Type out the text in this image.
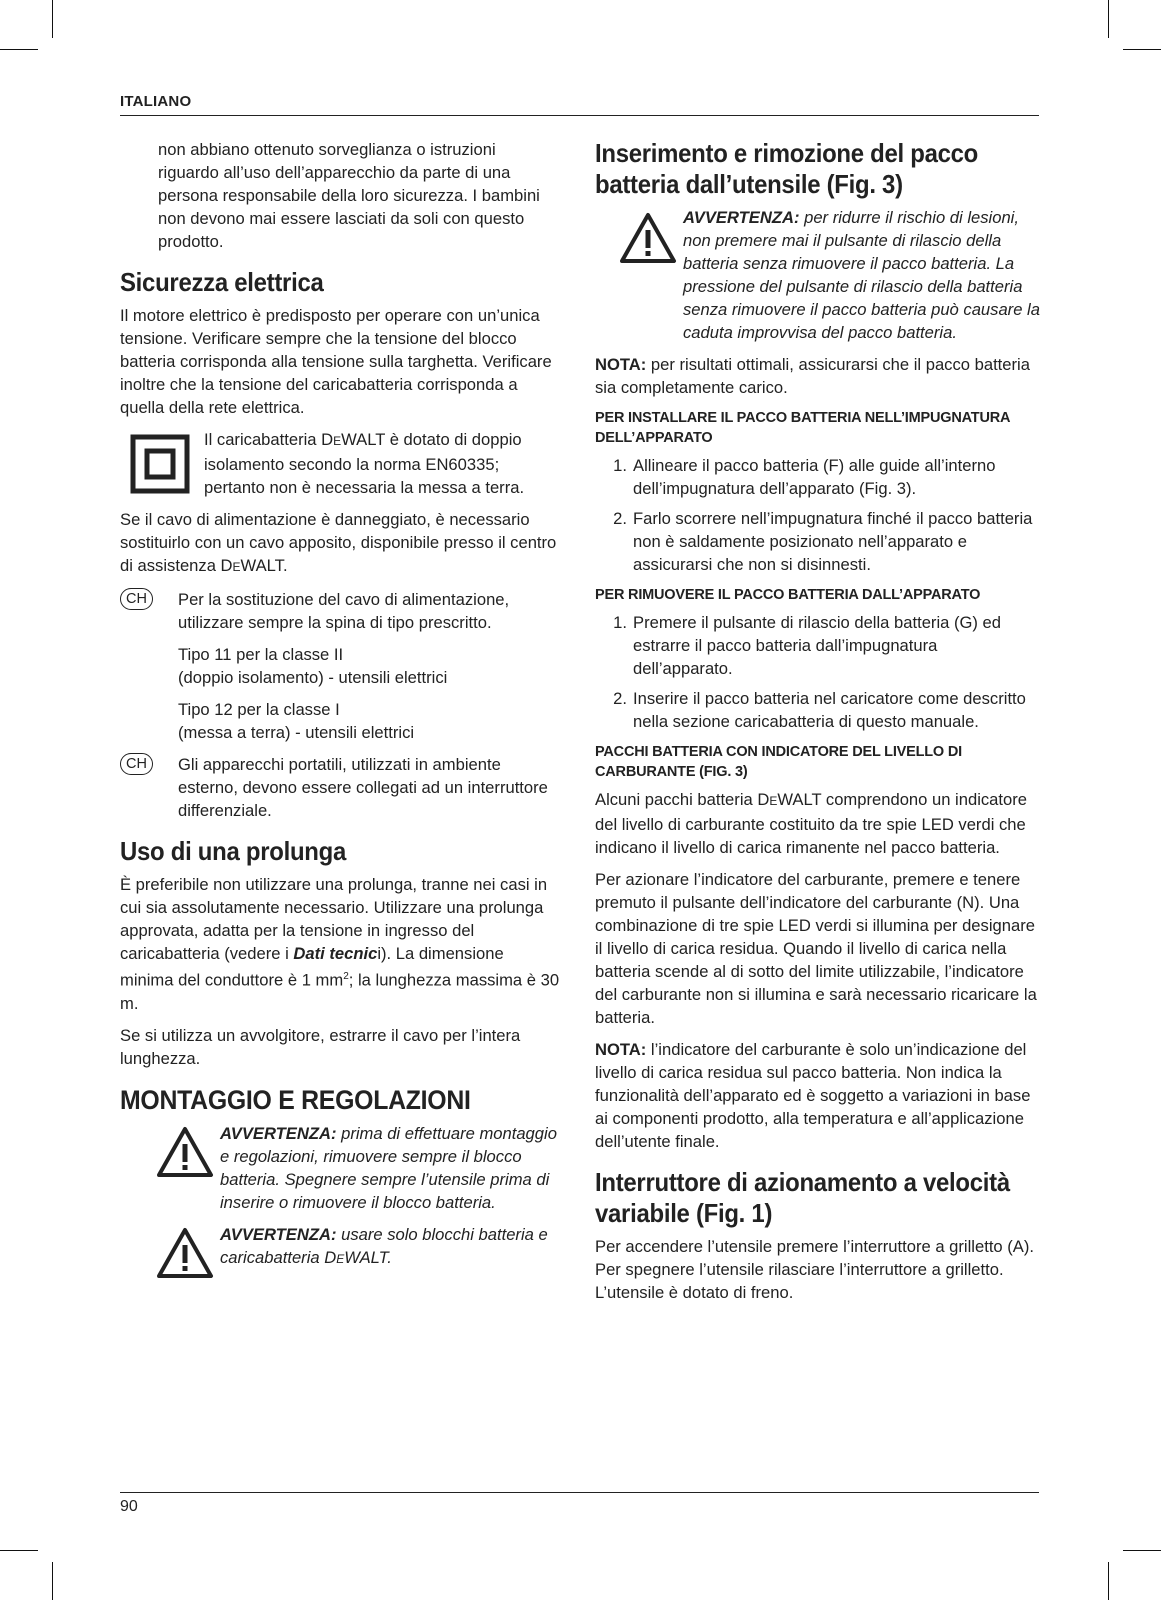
ITALIANO

non abbiano ottenuto sorveglianza o istruzioni riguardo all’uso dell’apparecchio da parte di una persona responsabile della loro sicurezza. I bambini non devono mai essere lasciati da soli con questo prodotto.

Sicurezza elettrica

Il motore elettrico è predisposto per operare con un’unica tensione. Verificare sempre che la tensione del blocco batteria corrisponda alla tensione sulla targhetta. Verificare inoltre che la tensione del caricabatteria corrisponda a quella della rete elettrica.

Il caricabatteria DEWALT è dotato di doppio isolamento secondo la norma EN60335; pertanto non è necessaria la messa a terra.

Se il cavo di alimentazione è danneggiato, è necessario sostituirlo con un cavo apposito, disponibile presso il centro di assistenza DEWALT.

CH	Per la sostituzione del cavo di alimentazione, utilizzare sempre la spina di tipo prescritto.

Tipo 11 per la classe II
(doppio isolamento) - utensili elettrici

Tipo 12 per la classe I
(messa a terra) - utensili elettrici

CH	Gli apparecchi portatili, utilizzati in ambiente esterno, devono essere collegati ad un interruttore differenziale.

Uso di una prolunga

È preferibile non utilizzare una prolunga, tranne nei casi in cui sia assolutamente necessario. Utilizzare una prolunga approvata, adatta per la tensione in ingresso del caricabatteria (vedere i Dati tecnici). La dimensione minima del conduttore è 1 $mm^2$; la lunghezza massima è 30 m.

Se si utilizza un avvolgitore, estrarre il cavo per l’intera lunghezza.

MONTAGGIO E REGOLAZIONI

AVVERTENZA: prima di effettuare montaggio e regolazioni, rimuovere sempre il blocco batteria. Spegnere sempre l’utensile prima di inserire o rimuovere il blocco batteria.

AVVERTENZA: usare solo blocchi batteria e caricabatteria DEWALT.

Inserimento e rimozione del pacco batteria dall’utensile (Fig. 3)

AVVERTENZA: per ridurre il rischio di lesioni, non premere mai il pulsante di rilascio della batteria senza rimuovere il pacco batteria. La pressione del pulsante di rilascio della batteria senza rimuovere il pacco batteria può causare la caduta improvvisa del pacco batteria.

NOTA: per risultati ottimali, assicurarsi che il pacco batteria sia completamente carico.

PER INSTALLARE IL PACCO BATTERIA NELL’IMPUGNATURA DELL’APPARATO
1. Allineare il pacco batteria (F) alle guide all’interno dell’impugnatura dell’apparato (Fig. 3).
2. Farlo scorrere nell’impugnatura finché il pacco batteria non è saldamente posizionato nell’apparato e assicurarsi che non si disinnesti.
PER RIMUOVERE IL PACCO BATTERIA DALL’APPARATO
1. Premere il pulsante di rilascio della batteria (G) ed estrarre il pacco batteria dall’impugnatura dell’apparato.
2. Inserire il pacco batteria nel caricatore come descritto nella sezione caricabatteria di questo manuale.
PACCHI BATTERIA CON INDICATORE DEL LIVELLO DI CARBURANTE (FIG. 3)

Alcuni pacchi batteria DEWALT comprendono un indicatore del livello di carburante costituito da tre spie LED verdi che indicano il livello di carica rimanente nel pacco batteria.

Per azionare l’indicatore del carburante, premere e tenere premuto il pulsante dell’indicatore del carburante (N). Una combinazione di tre spie LED verdi si illumina per designare il livello di carica residua. Quando il livello di carica nella batteria scende al di sotto del limite utilizzabile, l’indicatore del carburante non si illumina e sarà necessario ricaricare la batteria.

NOTA: l’indicatore del carburante è solo un’indicazione del livello di carica residua sul pacco batteria. Non indica la funzionalità dell’apparato ed è soggetto a variazioni in base ai componenti prodotto, alla temperatura e all’applicazione dell’utente finale.

Interruttore di azionamento a velocità variabile (Fig. 1)

Per accendere l’utensile premere l’interruttore a grilletto (A). Per spegnere l’utensile rilasciare l’interruttore a grilletto. L’utensile è dotato di freno.

90
